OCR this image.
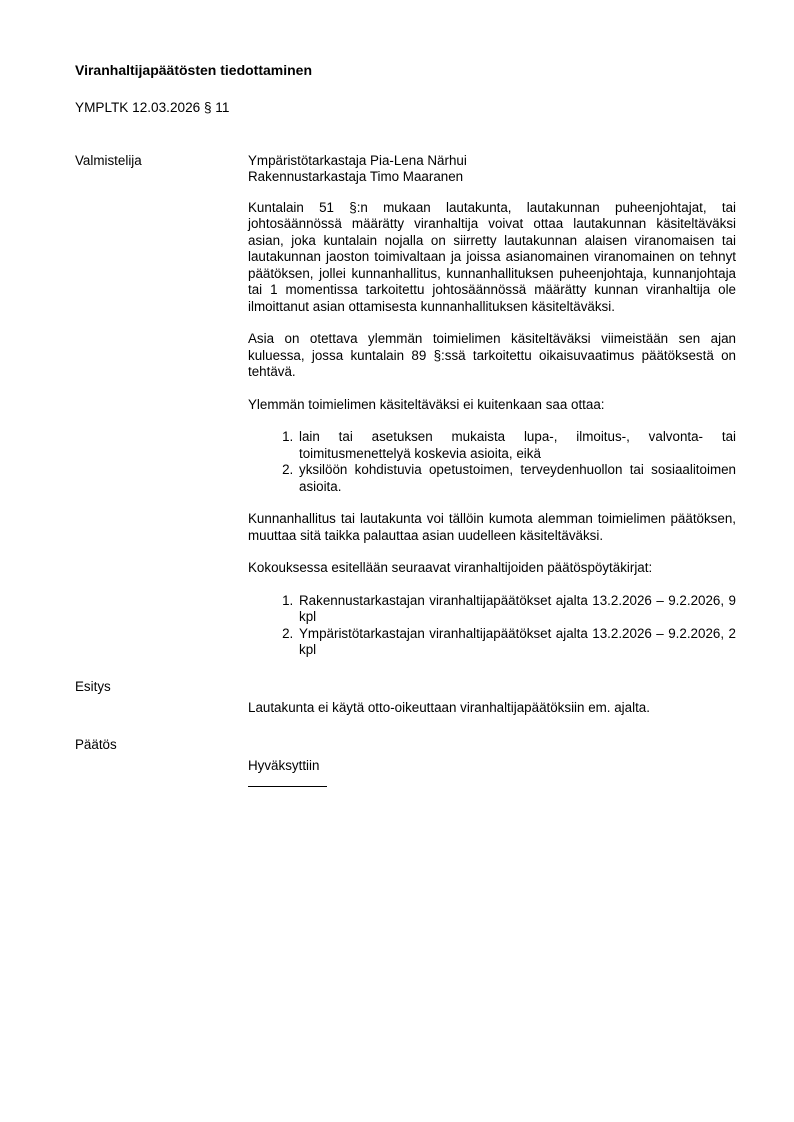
Viranhaltijapäätösten tiedottaminen

YMPLTK 12.03.2026 § 11

Valmistelija	Ympäristötarkastaja Pia-Lena Närhui
Rakennustarkastaja Timo Maaranen

Kuntalain 51 §:n mukaan lautakunta, lautakunnan puheenjohtajat, tai johtosäännössä määrätty viranhaltija voivat ottaa lautakunnan käsiteltäväksi asian, joka kuntalain nojalla on siirretty lautakunnan alaisen viranomaisen tai lautakunnan jaoston toimivaltaan ja joissa asianomainen viranomainen on tehnyt päätöksen, jollei kunnanhallitus, kunnanhallituksen puheenjohtaja, kunnanjohtaja tai 1 momentissa tarkoitettu johtosäännössä määrätty kunnan viranhaltija ole ilmoittanut asian ottamisesta kunnanhallituksen käsiteltäväksi.

Asia on otettava ylemmän toimielimen käsiteltäväksi viimeistään sen ajan kuluessa, jossa kuntalain 89 §:ssä tarkoitettu oikaisuvaatimus päätöksestä on tehtävä.

Ylemmän toimielimen käsiteltäväksi ei kuitenkaan saa ottaa:

1. lain tai asetuksen mukaista lupa-, ilmoitus-, valvonta- tai toimitusmenettelyä koskevia asioita, eikä
2. yksilöön kohdistuvia opetustoimen, terveydenhuollon tai sosiaalitoimen asioita.

Kunnanhallitus tai lautakunta voi tällöin kumota alemman toimielimen päätöksen, muuttaa sitä taikka palauttaa asian uudelleen käsiteltäväksi.

Kokouksessa esitellään seuraavat viranhaltijoiden päätöspöytäkirjat:

1. Rakennustarkastajan viranhaltijapäätökset ajalta 13.2.2026 – 9.2.2026, 9 kpl
2. Ympäristötarkastajan viranhaltijapäätökset ajalta 13.2.2026 – 9.2.2026, 2 kpl
Esitys
Lautakunta ei käytä otto-oikeuttaan viranhaltijapäätöksiin em. ajalta.
Päätös
Hyväksyttiin
